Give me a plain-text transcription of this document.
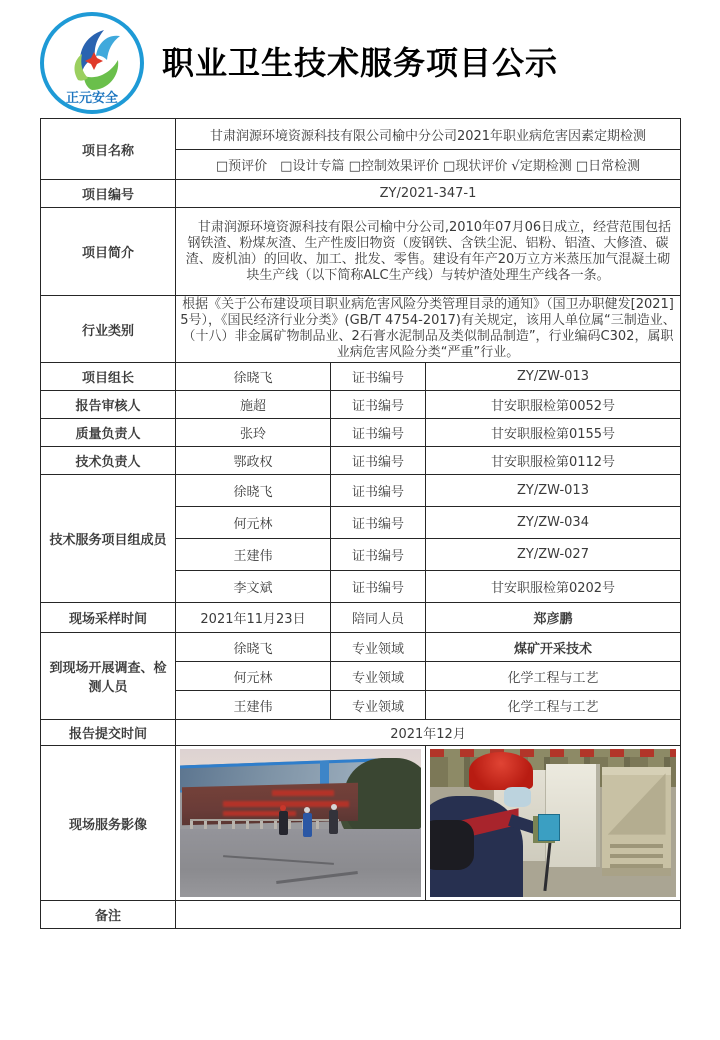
正元安全
职业卫生技术服务项目公示
项目名称	甘肃润源环境资源科技有限公司榆中分公司2021年职业病危害因素定期检测		
	□预评价　□设计专篇 □控制效果评价 □现状评价 √定期检测 □日常检测		
项目编号	ZY/2021-347-1		
项目简介	　甘肃润源环境资源科技有限公司榆中分公司,2010年07月06日成立，经营范围包括钢铁渣、粉煤灰渣、生产性废旧物资（废钢铁、含铁尘泥、铝粉、铝渣、大修渣、碳渣、废机油）的回收、加工、批发、零售。建设有年产20万立方米蒸压加气混凝土砌块生产线（以下简称ALC生产线）与转炉渣处理生产线各一条。		
行业类别	根据《关于公布建设项目职业病危害风险分类管理目录的通知》（国卫办职健发[2021]5号），《国民经济行业分类》(GB/T 4754-2017)有关规定，该用人单位属“三制造业、（十八）非金属矿物制品业、2石膏水泥制品及类似制品制造”，行业编码C302，属职业病危害风险分类“严重”行业。		
项目组长	徐晓飞	证书编号	ZY/ZW-013
报告审核人	施超	证书编号	甘安职服检第0052号
质量负责人	张玲	证书编号	甘安职服检第0155号
技术负责人	鄂政权	证书编号	甘安职服检第0112号
技术服务项目组成员	徐晓飞	证书编号	ZY/ZW-013
	何元林	证书编号	ZY/ZW-034
	王建伟	证书编号	ZY/ZW-027
	李文斌	证书编号	甘安职服检第0202号
现场采样时间	2021年11月23日	陪同人员	郑彦鹏
到现场开展调查、检测人员	徐晓飞	专业领域	煤矿开采技术
	何元林	专业领域	化学工程与工艺
	王建伟	专业领域	化学工程与工艺
报告提交时间	2021年12月		
现场服务影像		

备注			
